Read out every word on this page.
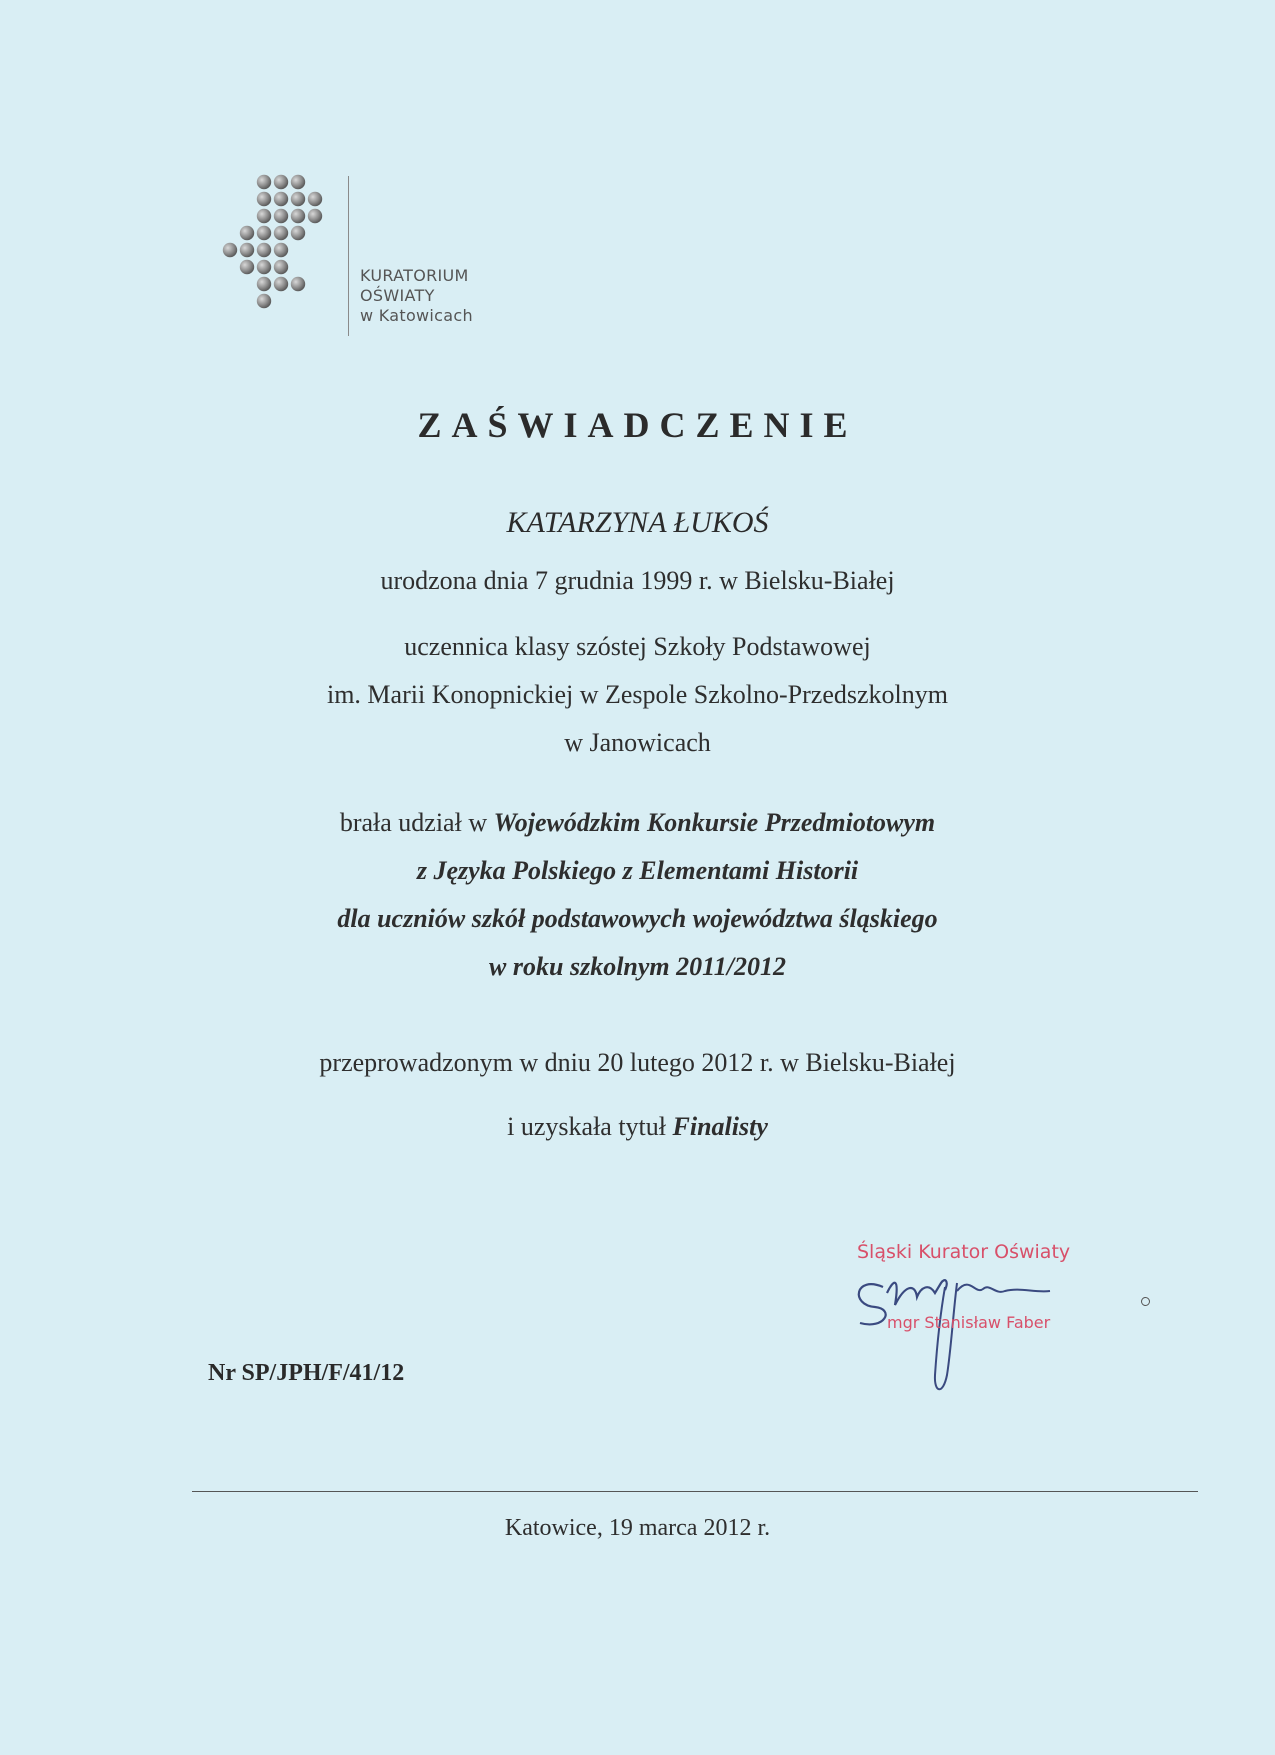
KURATORIUM
OŚWIATY
w Katowicach
ZAŚWIADCZENIE
KATARZYNA ŁUKOŚ
urodzona dnia 7 grudnia 1999 r. w Bielsku-Białej
uczennica klasy szóstej Szkoły Podstawowej
im. Marii Konopnickiej w Zespole Szkolno-Przedszkolnym
w Janowicach
brała udział w Wojewódzkim Konkursie Przedmiotowym
z Języka Polskiego z Elementami Historii
dla uczniów szkół podstawowych województwa śląskiego
w roku szkolnym 2011/2012
przeprowadzonym w dniu 20 lutego 2012 r. w Bielsku-Białej
i uzyskała tytuł Finalisty
Śląski Kurator Oświaty
mgr Stanisław Faber
Nr SP/JPH/F/41/12
Katowice, 19 marca 2012 r.
